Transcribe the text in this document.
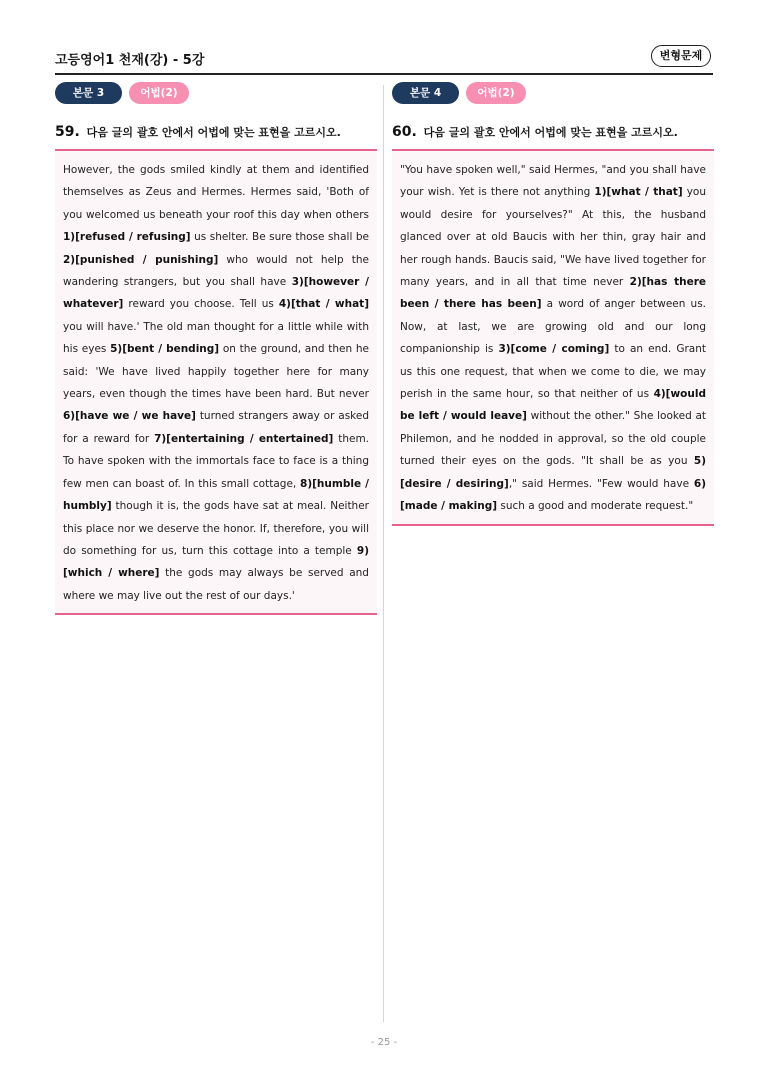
고등영어1 천재(강) - 5강	변형문제
본문 3	어법(2)
59. 다음 글의 괄호 안에서 어법에 맞는 표현을 고르시오.
However, the gods smiled kindly at them and identified themselves as Zeus and Hermes. Hermes said, 'Both of you welcomed us beneath your roof this day when others 1)[refused / refusing] us shelter. Be sure those shall be 2)[punished / punishing] who would not help the wandering strangers, but you shall have 3)[however / whatever] reward you choose. Tell us 4)[that / what] you will have.' The old man thought for a little while with his eyes 5)[bent / bending] on the ground, and then he said: 'We have lived happily together here for many years, even though the times have been hard. But never 6)[have we / we have] turned strangers away or asked for a reward for 7)[entertaining / entertained] them. To have spoken with the immortals face to face is a thing few men can boast of. In this small cottage, 8)[humble / humbly] though it is, the gods have sat at meal. Neither this place nor we deserve the honor. If, therefore, you will do something for us, turn this cottage into a temple 9)[which / where] the gods may always be served and where we may live out the rest of our days.'
본문 4	어법(2)
60. 다음 글의 괄호 안에서 어법에 맞는 표현을 고르시오.
"You have spoken well," said Hermes, "and you shall have your wish. Yet is there not anything 1)[what / that] you would desire for yourselves?" At this, the husband glanced over at old Baucis with her thin, gray hair and her rough hands. Baucis said, "We have lived together for many years, and in all that time never 2)[has there been / there has been] a word of anger between us. Now, at last, we are growing old and our long companionship is 3)[come / coming] to an end. Grant us this one request, that when we come to die, we may perish in the same hour, so that neither of us 4)[would be left / would leave] without the other." She looked at Philemon, and he nodded in approval, so the old couple turned their eyes on the gods. "It shall be as you 5)[desire / desiring]," said Hermes. "Few would have 6)[made / making] such a good and moderate request."
- 25 -
